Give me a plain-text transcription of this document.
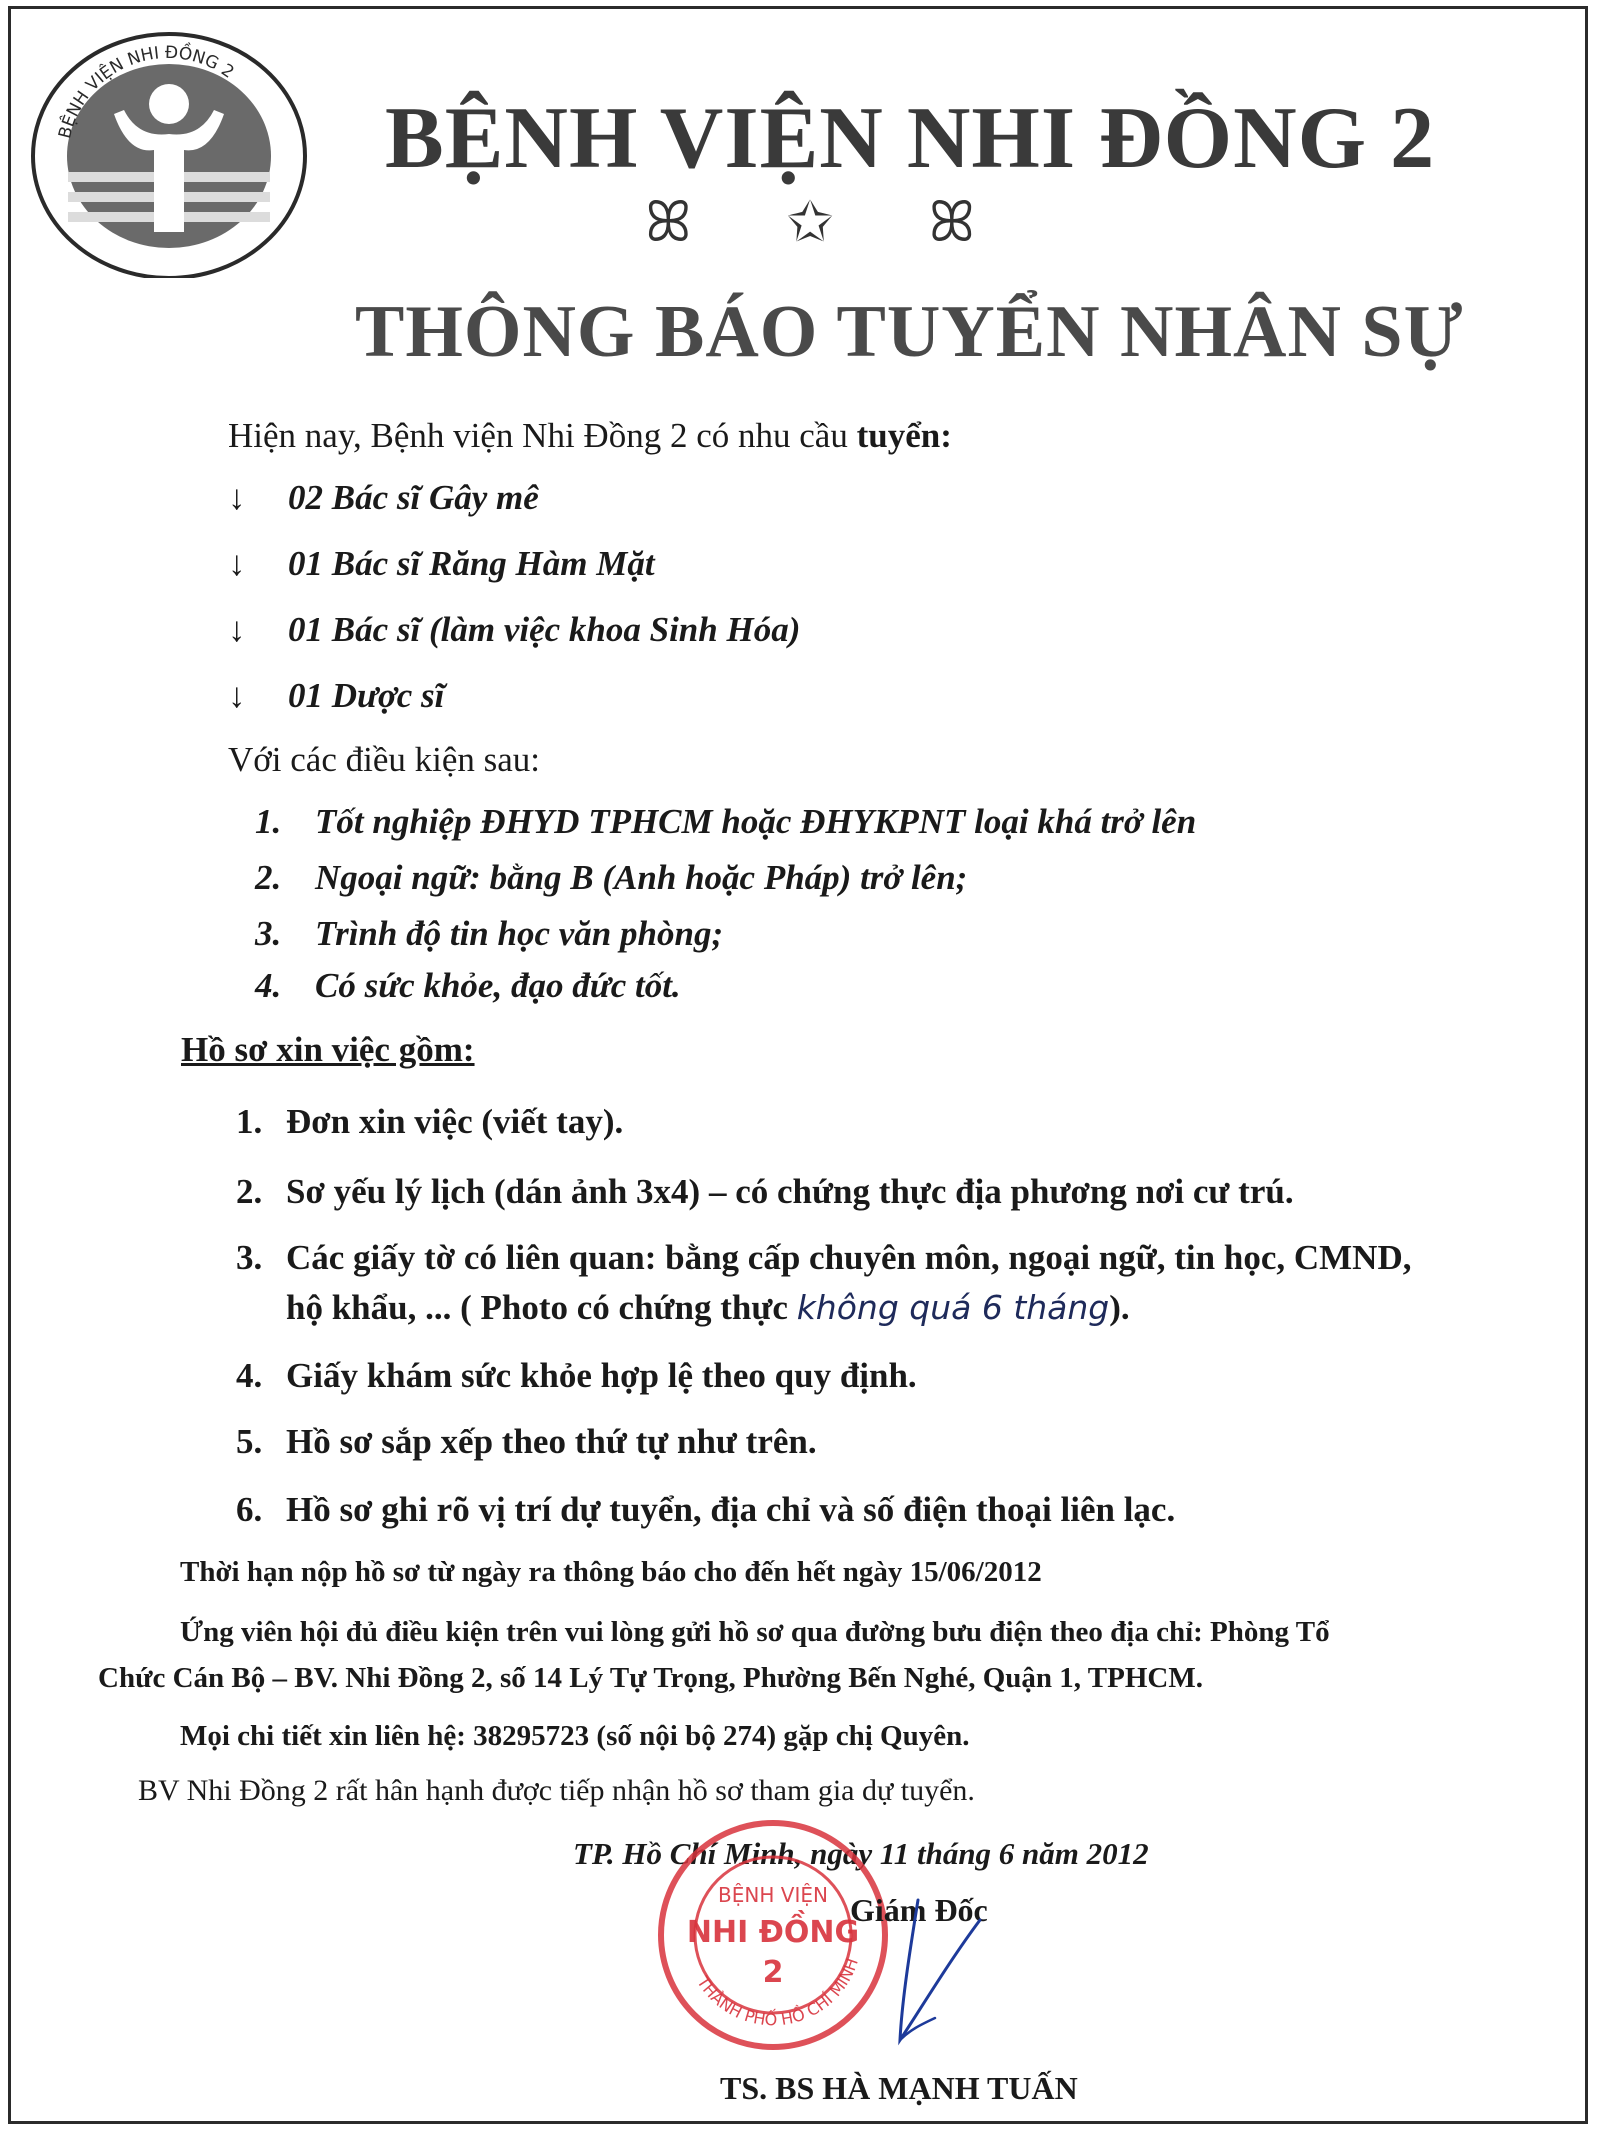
BỆNH VIỆN NHI ĐỒNG 2
BỆNH VIỆN NHI ĐỒNG 2
ꕤ ✩ ꕤ
THÔNG BÁO TUYỂN NHÂN SỰ
Hiện nay, Bệnh viện Nhi Đồng 2 có nhu cầu tuyển:
↓ 02 Bác sĩ Gây mê
↓ 01 Bác sĩ Răng Hàm Mặt
↓ 01 Bác sĩ (làm việc khoa Sinh Hóa)
↓ 01 Dược sĩ
Với các điều kiện sau:
1. Tốt nghiệp ĐHYD TPHCM hoặc ĐHYKPNT loại khá trở lên
2. Ngoại ngữ: bằng B (Anh hoặc Pháp) trở lên;
3. Trình độ tin học văn phòng;
4. Có sức khỏe, đạo đức tốt.
Hồ sơ xin việc gồm:
1. Đơn xin việc (viết tay).
2. Sơ yếu lý lịch (dán ảnh 3x4) – có chứng thực địa phương nơi cư trú.
3. Các giấy tờ có liên quan: bằng cấp chuyên môn, ngoại ngữ, tin học, CMND,
hộ khẩu, ... ( Photo có chứng thực không quá 6 tháng).
4. Giấy khám sức khỏe hợp lệ theo quy định.
5. Hồ sơ sắp xếp theo thứ tự như trên.
6. Hồ sơ ghi rõ vị trí dự tuyển, địa chỉ và số điện thoại liên lạc.
Thời hạn nộp hồ sơ từ ngày ra thông báo cho đến hết ngày 15/06/2012
Ứng viên hội đủ điều kiện trên vui lòng gửi hồ sơ qua đường bưu điện theo địa chỉ: Phòng Tổ
Chức Cán Bộ – BV. Nhi Đồng 2, số 14 Lý Tự Trọng, Phường Bến Nghé, Quận 1, TPHCM.
Mọi chi tiết xin liên hệ: 38295723 (số nội bộ 274) gặp chị Quyên.
BV Nhi Đồng 2 rất hân hạnh được tiếp nhận hồ sơ tham gia dự tuyển.
TP. Hồ Chí Minh, ngày 11 tháng 6 năm 2012
BỆNH VIỆN
NHI ĐỒNG
2
THÀNH PHỐ HỒ CHÍ MINH
Giám Đốc
TS. BS HÀ MẠNH TUẤN
